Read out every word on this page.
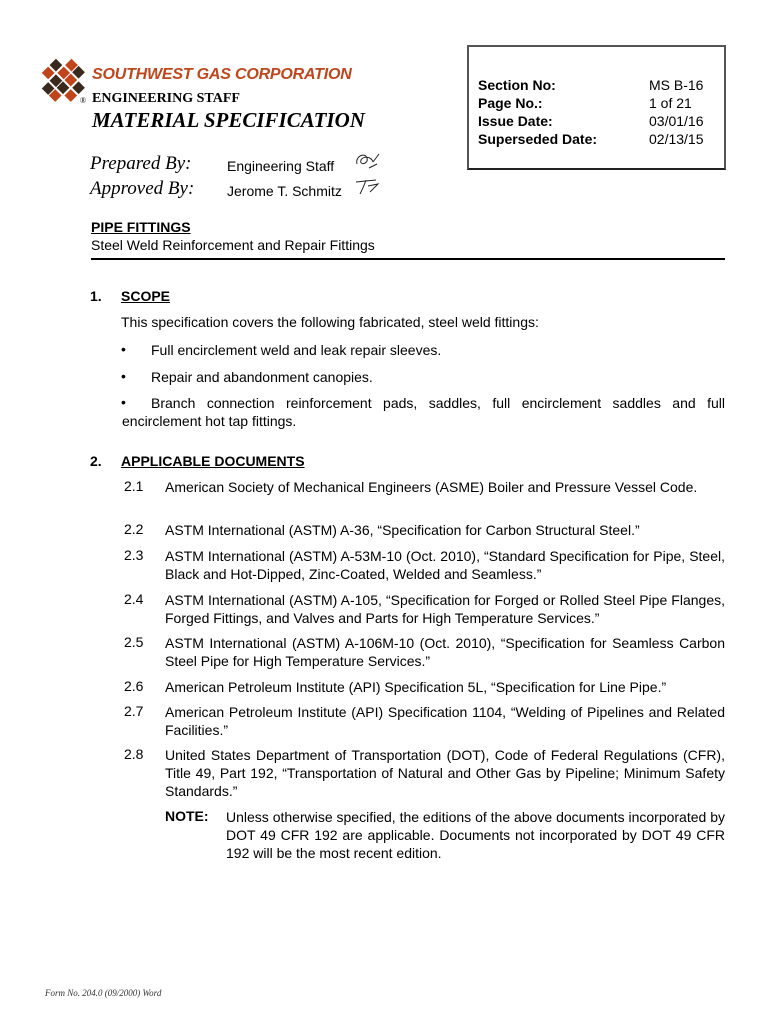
SOUTHWEST GAS CORPORATION
® ENGINEERING STAFF
MATERIAL SPECIFICATION
Prepared By:	Engineering Staff
Approved By: Jerome T. Schmitz
Section No:	MS B-16
Page No.:	1 of 21
Issue Date:	03/01/16
Superseded Date:	02/13/15
PIPE FITTINGS
Steel Weld Reinforcement and Repair Fittings
1. SCOPE
This specification covers the following fabricated, steel weld fittings:
• Full encirclement weld and leak repair sleeves.
• Repair and abandonment canopies.
•	Branch connection reinforcement pads, saddles, full encirclement saddles and full encirclement hot tap fittings.
2. APPLICABLE DOCUMENTS
2.1 American Society of Mechanical Engineers (ASME) Boiler and Pressure Vessel Code.
2.2 ASTM International (ASTM) A-36, “Specification for Carbon Structural Steel.”
2.3 ASTM International (ASTM) A-53M-10 (Oct. 2010), “Standard Specification for Pipe, Steel, Black and Hot-Dipped, Zinc-Coated, Welded and Seamless.”
2.4 ASTM International (ASTM) A-105, “Specification for Forged or Rolled Steel Pipe Flanges, Forged Fittings, and Valves and Parts for High Temperature Services.”
2.5 ASTM International (ASTM) A-106M-10 (Oct. 2010), “Specification for Seamless Carbon Steel Pipe for High Temperature Services.”
2.6 American Petroleum Institute (API) Specification 5L, “Specification for Line Pipe.”
2.7 American Petroleum Institute (API) Specification 1104, “Welding of Pipelines and Related Facilities.”
2.8 United States Department of Transportation (DOT), Code of Federal Regulations (CFR), Title 49, Part 192, “Transportation of Natural and Other Gas by Pipeline; Minimum Safety Standards.”
NOTE: Unless otherwise specified, the editions of the above documents incorporated by DOT 49 CFR 192 are applicable. Documents not incorporated by DOT 49 CFR 192 will be the most recent edition.
Form No. 204.0 (09/2000) Word
